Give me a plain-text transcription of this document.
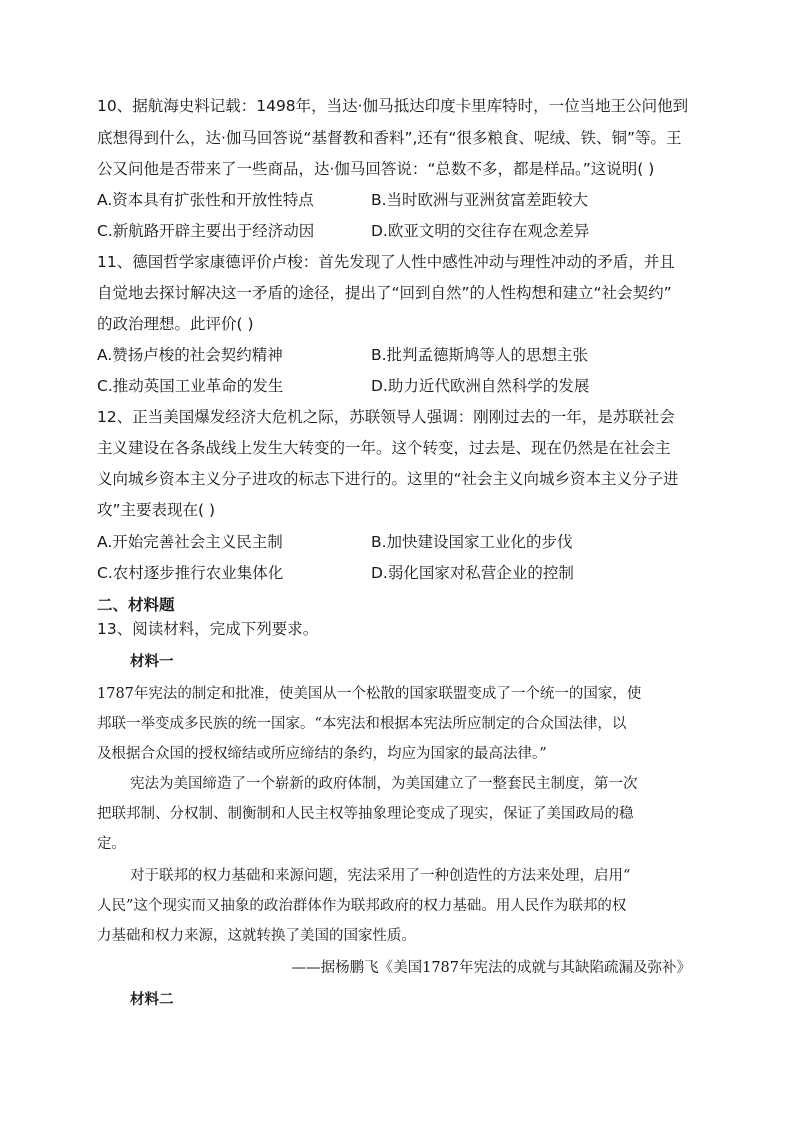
10、据航海史料记载：1498年，当达·伽马抵达印度卡里库特时，一位当地王公问他到
底想得到什么，达·伽马回答说“基督教和香料”,还有“很多粮食、呢绒、铁、铜”等。王
公又问他是否带来了一些商品，达·伽马回答说：“总数不多，都是样品。”这说明( )
A.资本具有扩张性和开放性特点	B.当时欧洲与亚洲贫富差距较大
C.新航路开辟主要出于经济动因	D.欧亚文明的交往存在观念差异
11、德国哲学家康德评价卢梭：首先发现了人性中感性冲动与理性冲动的矛盾，并且
自觉地去探讨解决这一矛盾的途径，提出了“回到自然”的人性构想和建立“社会契约”
的政治理想。此评价( )
A.赞扬卢梭的社会契约精神	B.批判孟德斯鸠等人的思想主张
C.推动英国工业革命的发生	D.助力近代欧洲自然科学的发展
12、正当美国爆发经济大危机之际，苏联领导人强调：刚刚过去的一年，是苏联社会
主义建设在各条战线上发生大转变的一年。这个转变，过去是、现在仍然是在社会主
义向城乡资本主义分子进攻的标志下进行的。这里的“社会主义向城乡资本主义分子进
攻”主要表现在( )
A.开始完善社会主义民主制	B.加快建设国家工业化的步伐
C.农村逐步推行农业集体化	D.弱化国家对私营企业的控制
二、材料题
13、阅读材料，完成下列要求。
材料一
1787年宪法的制定和批准，使美国从一个松散的国家联盟变成了一个统一的国家，使
邦联一举变成多民族的统一国家。“本宪法和根据本宪法所应制定的合众国法律，以
及根据合众国的授权缔结或所应缔结的条约，均应为国家的最高法律。”
宪法为美国缔造了一个崭新的政府体制，为美国建立了一整套民主制度，第一次
把联邦制、分权制、制衡制和人民主权等抽象理论变成了现实，保证了美国政局的稳
定。
对于联邦的权力基础和来源问题，宪法采用了一种创造性的方法来处理，启用“
人民”这个现实而又抽象的政治群体作为联邦政府的权力基础。用人民作为联邦的权
力基础和权力来源，这就转换了美国的国家性质。
——据杨鹏飞《美国1787年宪法的成就与其缺陷疏漏及弥补》
材料二
